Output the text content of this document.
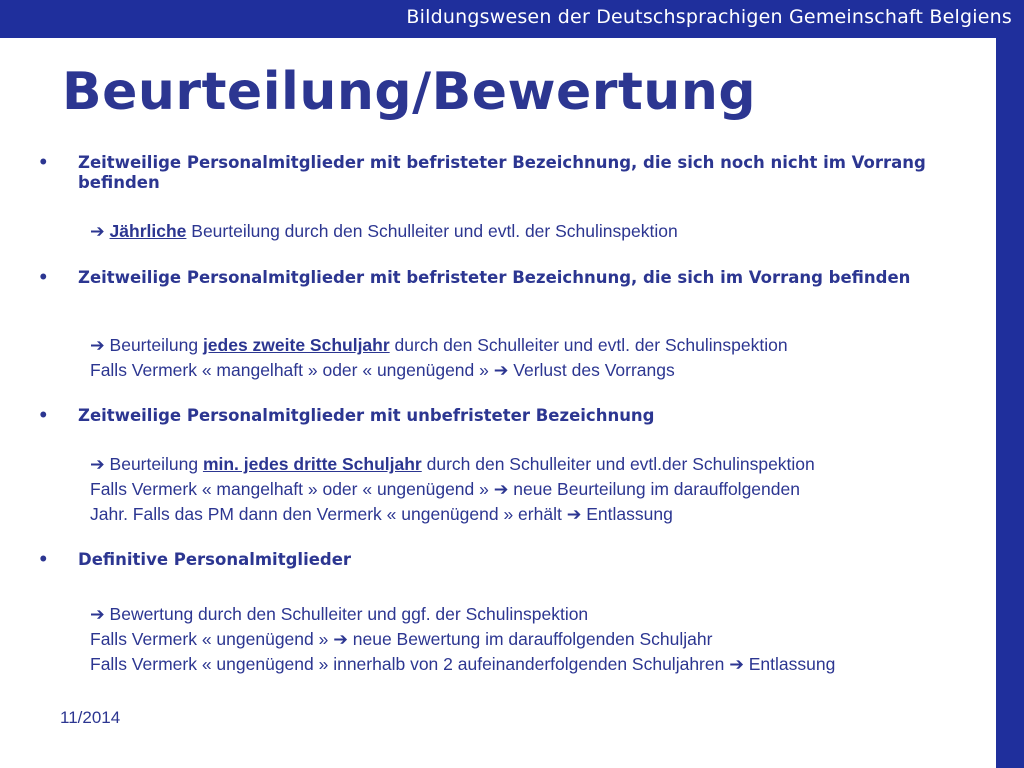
Bildungswesen der Deutschsprachigen Gemeinschaft Belgiens
Beurteilung/Bewertung
• Zeitweilige Personalmitglieder mit befristeter Bezeichnung, die sich noch nicht im Vorrang befinden
➔ Jährliche Beurteilung durch den Schulleiter und evtl. der Schulinspektion
• Zeitweilige Personalmitglieder mit befristeter Bezeichnung, die sich im Vorrang befinden
➔ Beurteilung jedes zweite Schuljahr durch den Schulleiter und evtl. der Schulinspektion
Falls Vermerk « mangelhaft » oder « ungenügend » ➔ Verlust des Vorrangs
• Zeitweilige Personalmitglieder mit unbefristeter Bezeichnung
➔ Beurteilung min. jedes dritte Schuljahr durch den Schulleiter und evtl.der Schulinspektion
Falls Vermerk « mangelhaft » oder « ungenügend » ➔ neue Beurteilung im darauffolgenden
Jahr. Falls das PM dann den Vermerk « ungenügend » erhält ➔ Entlassung
• Definitive Personalmitglieder
➔ Bewertung durch den Schulleiter und ggf. der Schulinspektion
Falls Vermerk « ungenügend » ➔ neue Bewertung im darauffolgenden Schuljahr
Falls Vermerk « ungenügend » innerhalb von 2 aufeinanderfolgenden Schuljahren ➔ Entlassung
11/2014
